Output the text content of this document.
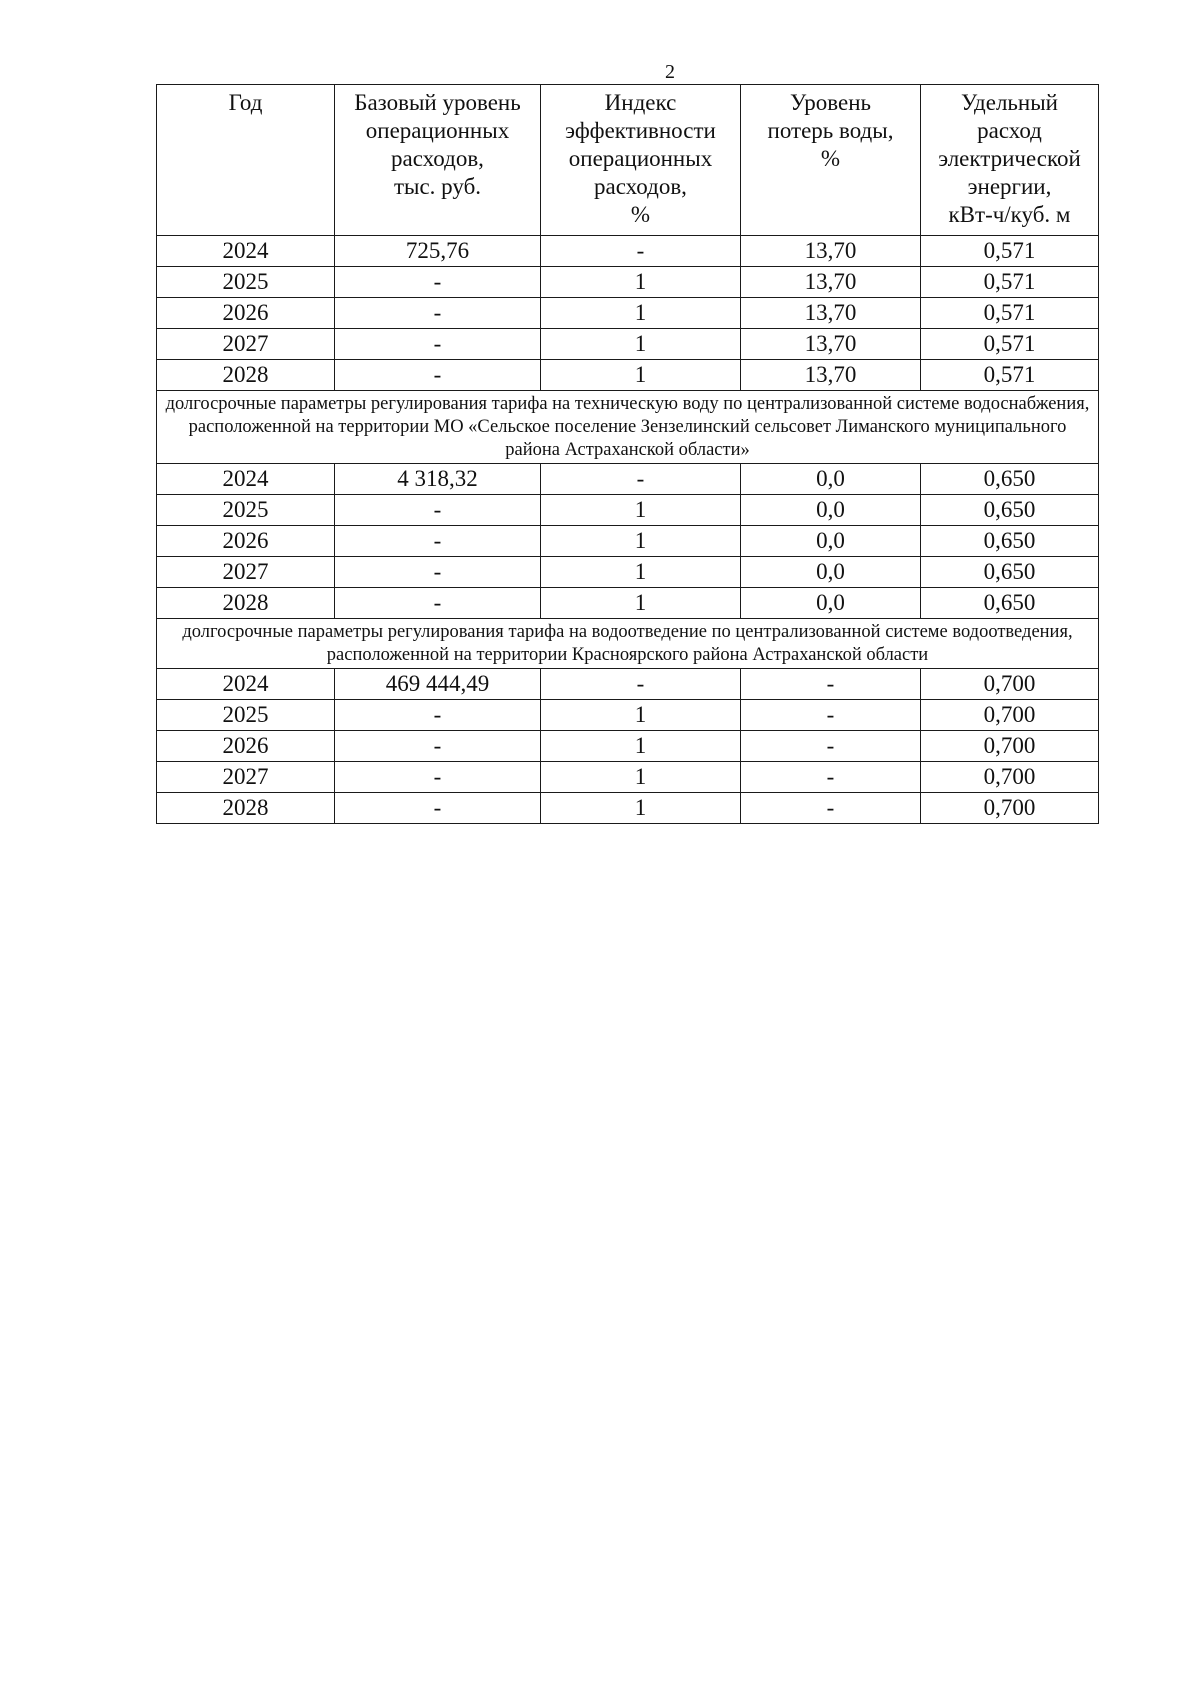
2
Год	Базовый уровень
операционных
расходов,
тыс. руб.	Индекс
эффективности
операционных
расходов,
%	Уровень
потерь воды,
%	Удельный
расход
электрической
энергии,
кВт-ч/куб. м

2024	725,76	-	13,70	0,571
2025	-	1	13,70	0,571
2026	-	1	13,70	0,571
2027	-	1	13,70	0,571
2028	-	1	13,70	0,571
долгосрочные параметры регулирования тарифа на техническую воду по централизованной системе водоснабжения, расположенной на территории МО «Сельское поселение Зензелинский сельсовет Лиманского муниципального района Астраханской области»				
2024	4 318,32	-	0,0	0,650
2025	-	1	0,0	0,650
2026	-	1	0,0	0,650
2027	-	1	0,0	0,650
2028	-	1	0,0	0,650
долгосрочные параметры регулирования тарифа на водоотведение по централизованной системе водоотведения, расположенной на территории Красноярского района Астраханской области				
2024	469 444,49	-	-	0,700
2025	-	1	-	0,700
2026	-	1	-	0,700
2027	-	1	-	0,700
2028	-	1	-	0,700
